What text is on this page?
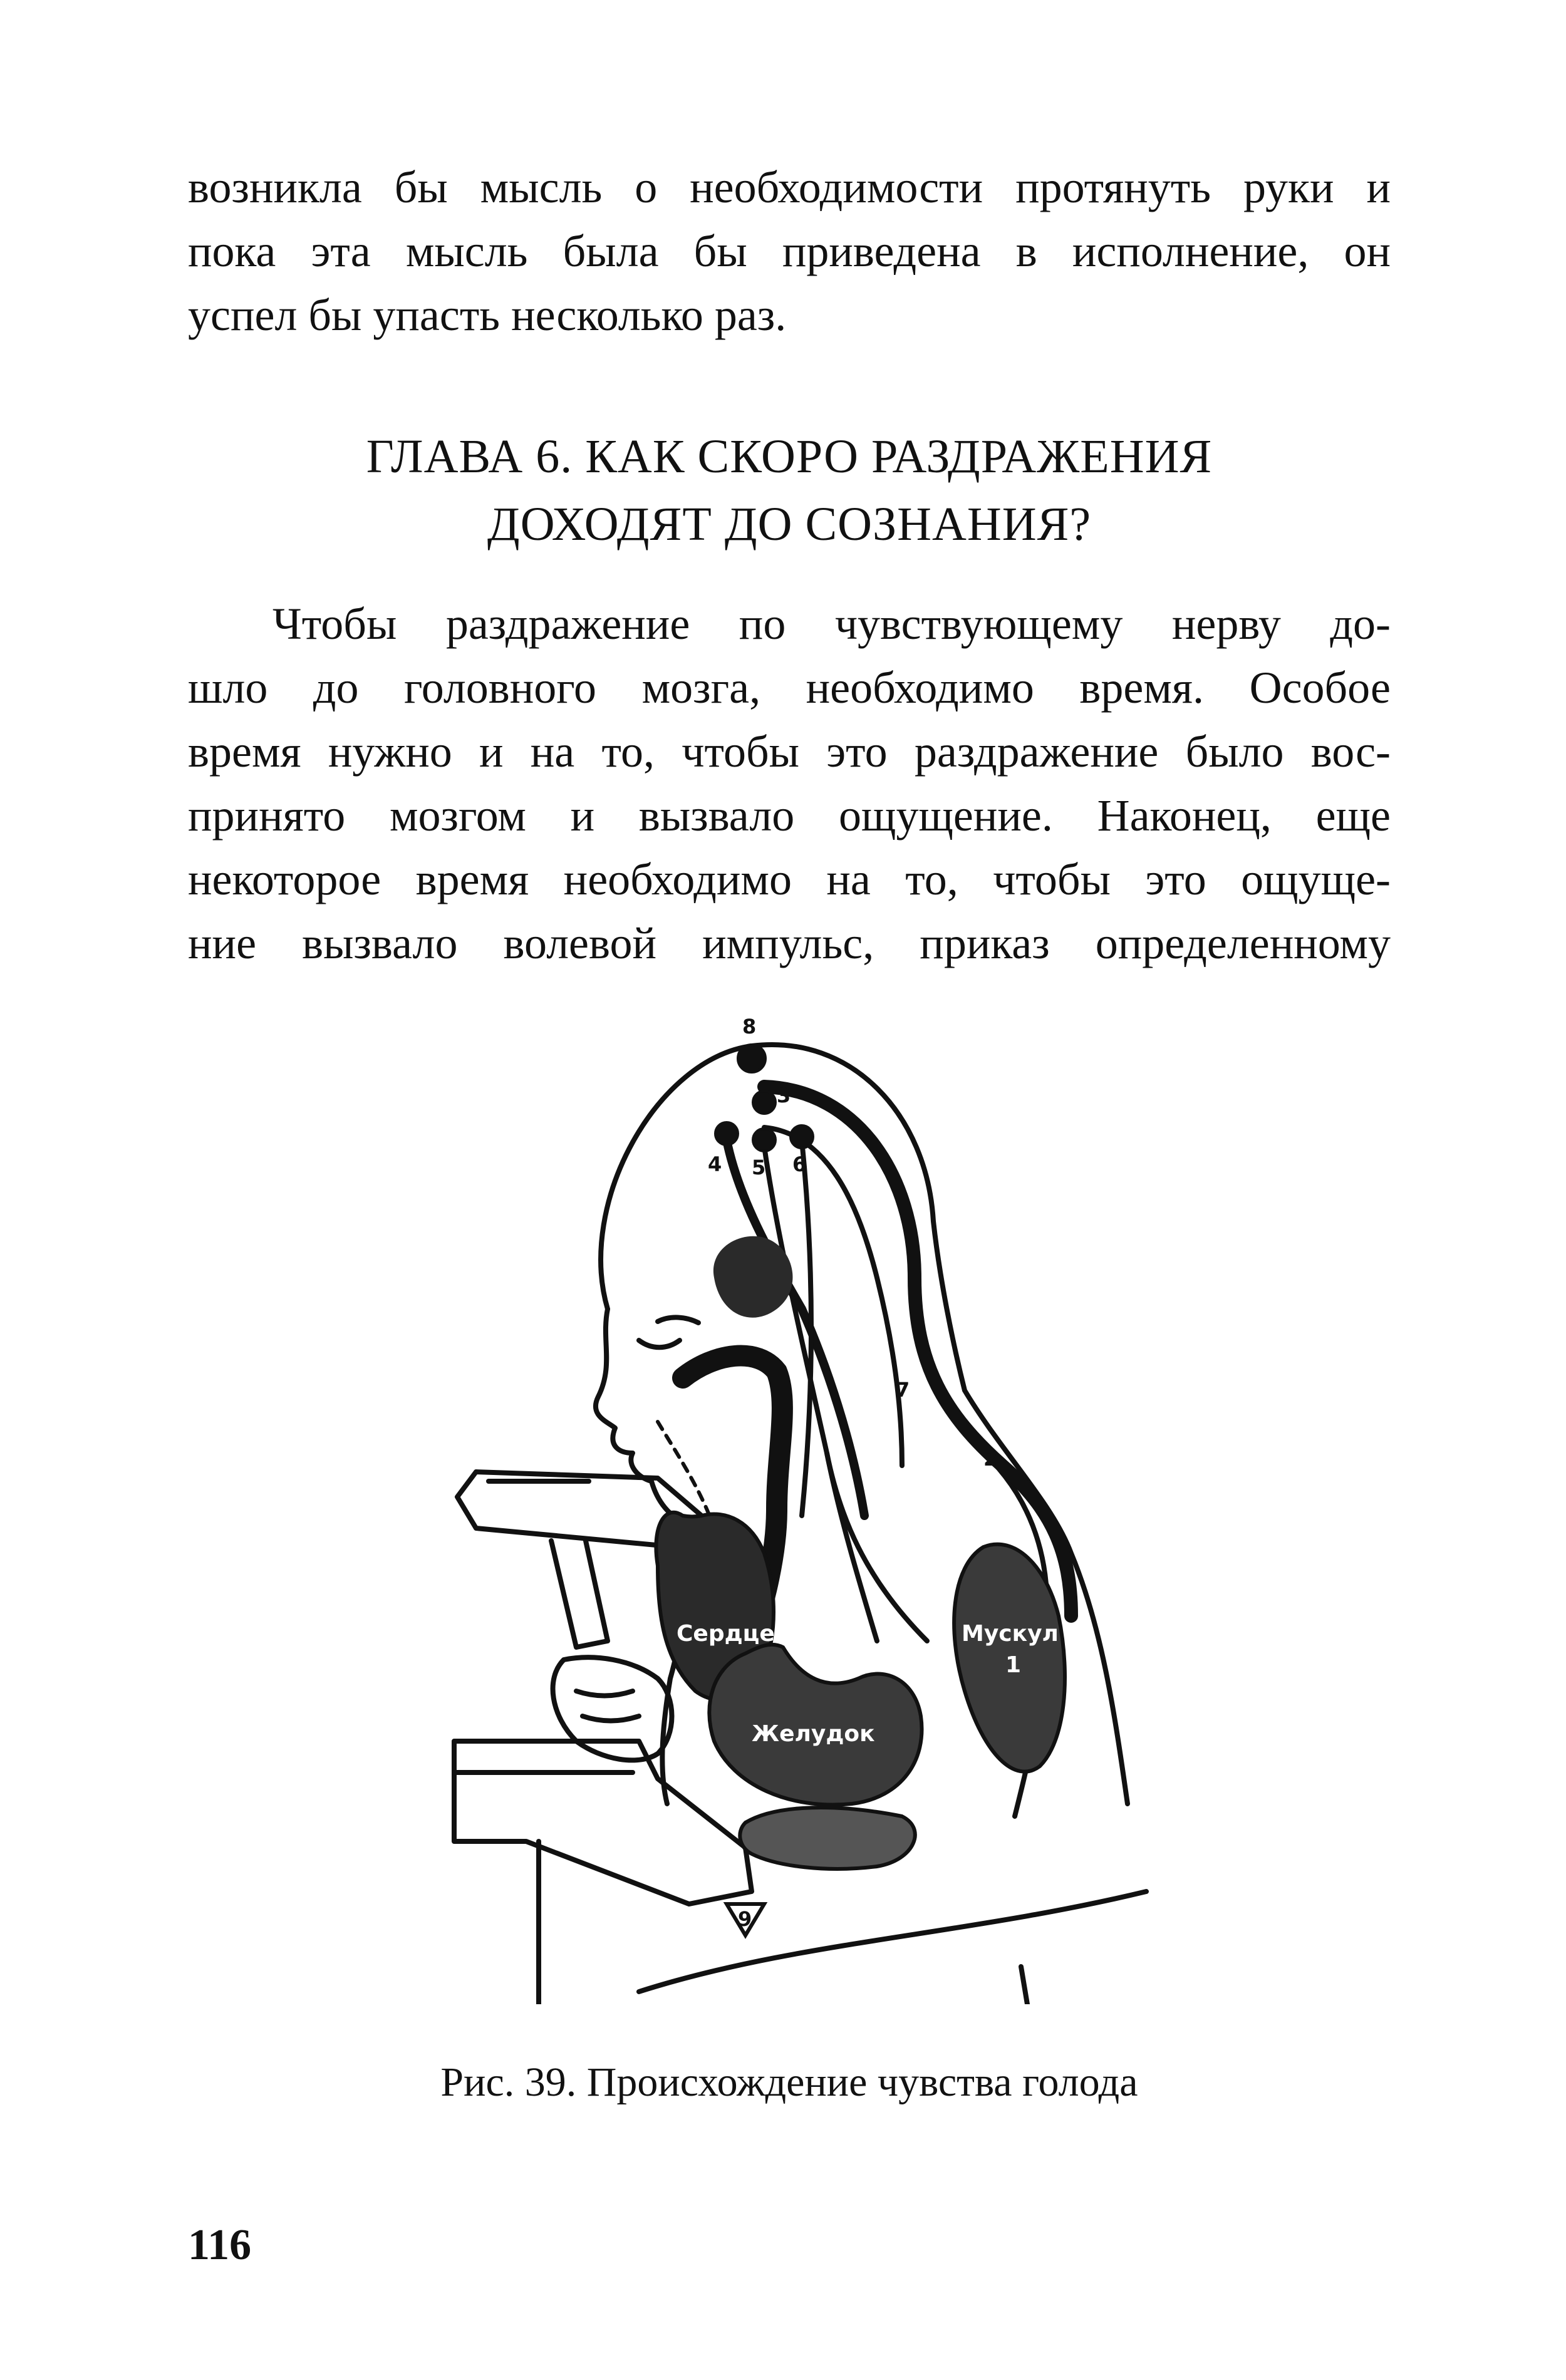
возникла бы мысль о необходимости протянуть руки и
пока эта мысль была бы приведена в исполнение, он
успел бы упасть несколько раз.
ГЛАВА 6. КАК СКОРО РАЗДРАЖЕНИЯ
ДОХОДЯТ ДО СОЗНАНИЯ?
Чтобы раздражение по чувствующему нерву до-
шло до головного мозга, необходимо время. Особое
время нужно и на то, чтобы это раздражение было вос-
принято мозгом и вызвало ощущение. Наконец, еще
некоторое время необходимо на то, чтобы это ощуще-
ние вызвало волевой импульс, приказ определенному
Сердце
Желудок
Мускул
1
8
3
4 5 6
7
2
9
Рис. 39. Происхождение чувства голода
116
